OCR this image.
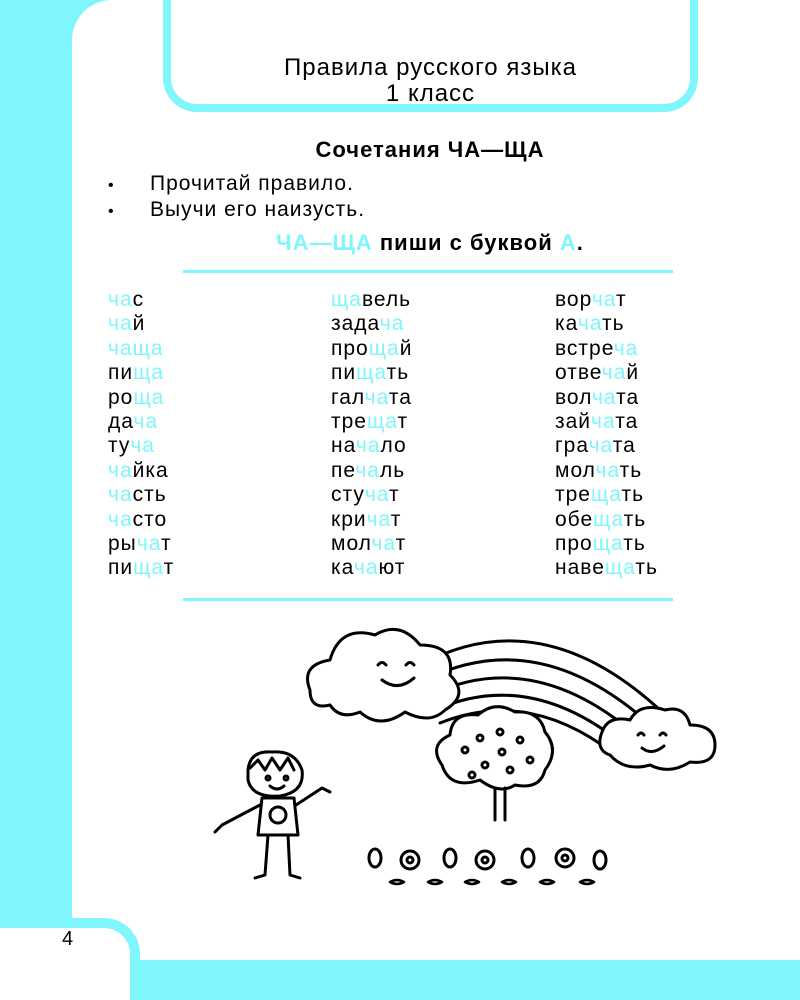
Правила русского языка
1 класс
Сочетания ЧА—ЩА
• Прочитай правило.
• Выучи его наизусть.
ЧА—ЩА пиши с буквой А.
час
чай
чаща
пища
роща
дача
туча
чайка
часть
часто
рычат
пищат
щавель
задача
прощай
пищать
галчата
трещат
начало
печаль
стучат
кричат
молчат
качают
ворчат
качать
встреча
отвечай
волчата
зайчата
грачата
молчать
трещать
обещать
прощать
навещать
4
